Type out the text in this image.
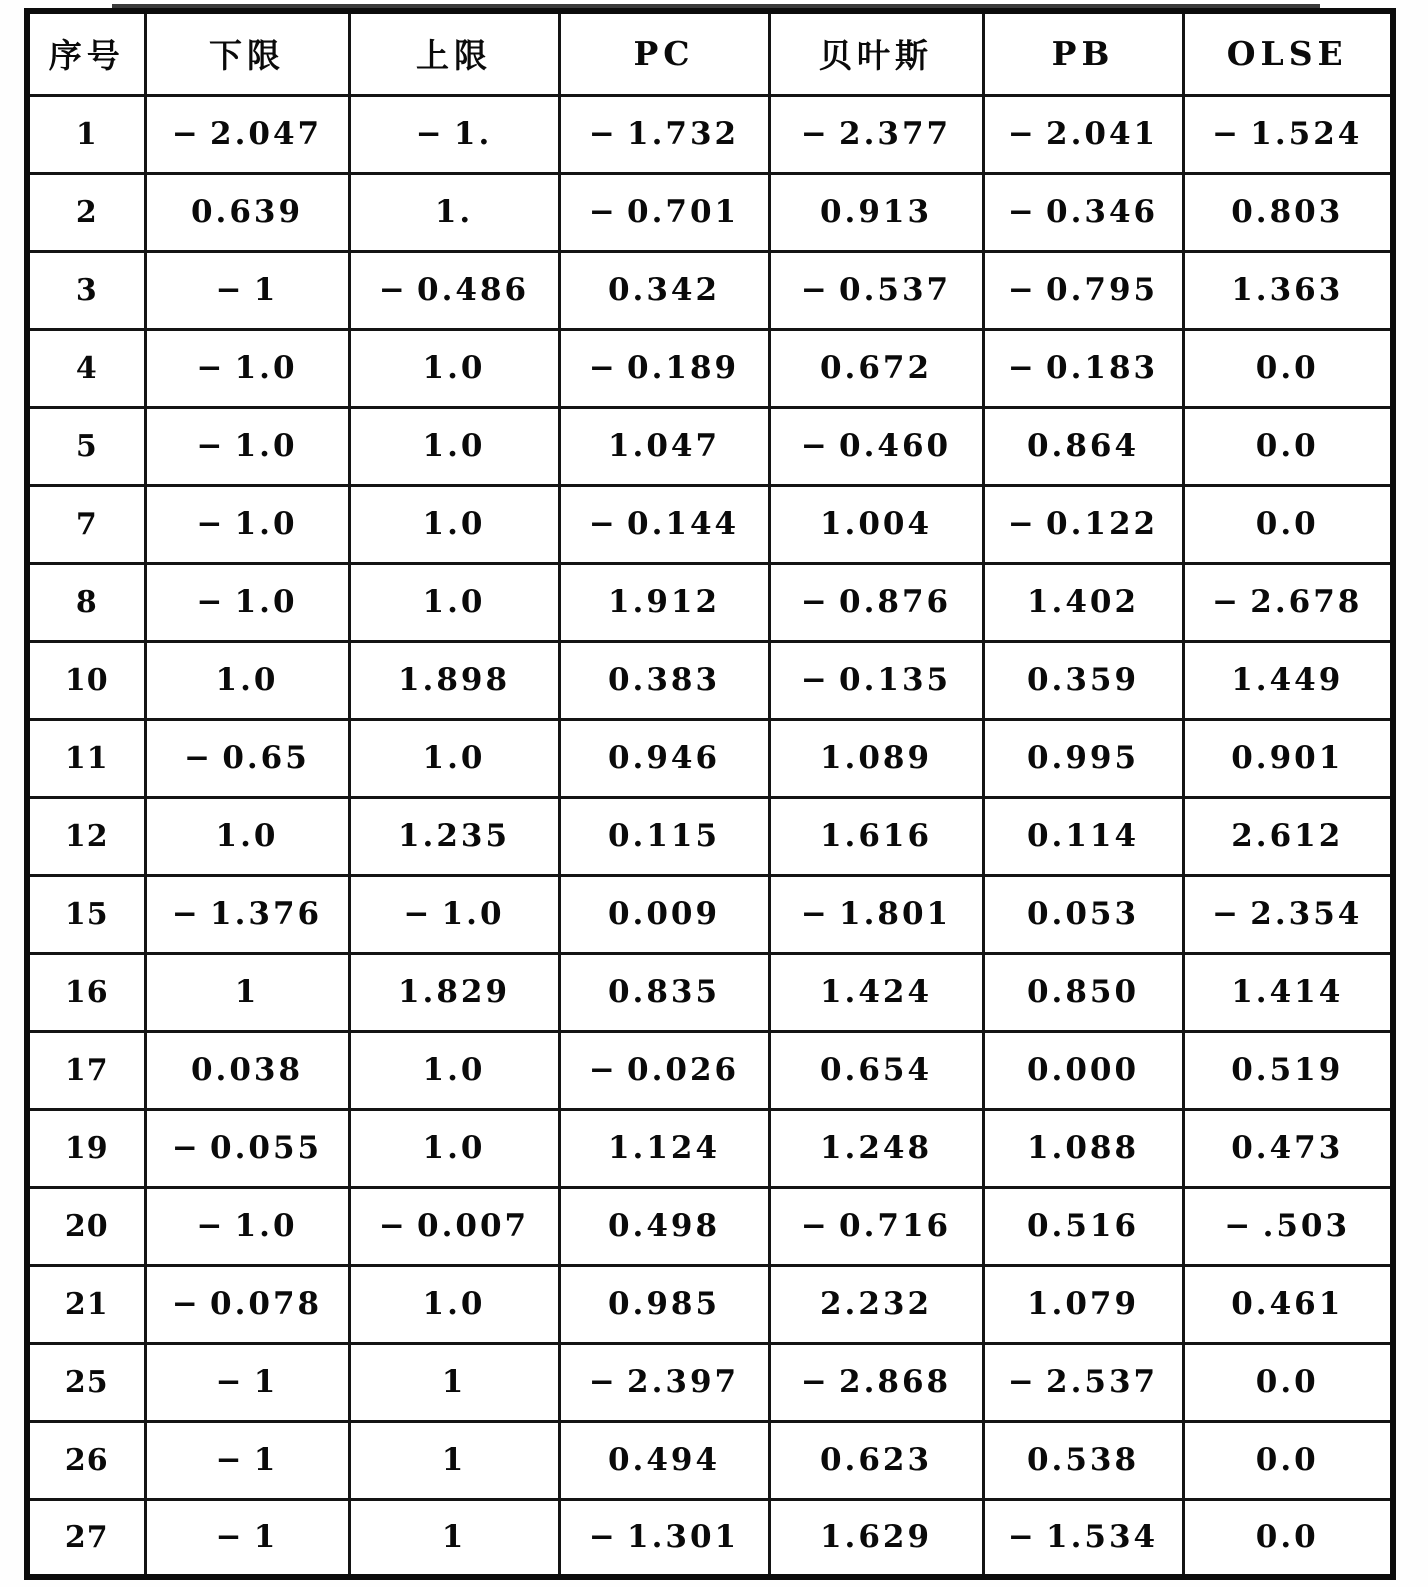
序号	下限	上限	PC	贝叶斯	PB	OLSE
1	− 2.047	− 1.	− 1.732	− 2.377	− 2.041	− 1.524
2	0.639	1.	− 0.701	0.913	− 0.346	0.803
3	− 1	− 0.486	0.342	− 0.537	− 0.795	1.363
4	− 1.0	1.0	− 0.189	0.672	− 0.183	0.0
5	− 1.0	1.0	1.047	− 0.460	0.864	0.0
7	− 1.0	1.0	− 0.144	1.004	− 0.122	0.0
8	− 1.0	1.0	1.912	− 0.876	1.402	− 2.678
10	1.0	1.898	0.383	− 0.135	0.359	1.449
11	− 0.65	1.0	0.946	1.089	0.995	0.901
12	1.0	1.235	0.115	1.616	0.114	2.612
15	− 1.376	− 1.0	0.009	− 1.801	0.053	− 2.354
16	1	1.829	0.835	1.424	0.850	1.414
17	0.038	1.0	− 0.026	0.654	0.000	0.519
19	− 0.055	1.0	1.124	1.248	1.088	0.473
20	− 1.0	− 0.007	0.498	− 0.716	0.516	− .503
21	− 0.078	1.0	0.985	2.232	1.079	0.461
25	− 1	1	− 2.397	− 2.868	− 2.537	0.0
26	− 1	1	0.494	0.623	0.538	0.0
27	− 1	1	− 1.301	1.629	− 1.534	0.0
